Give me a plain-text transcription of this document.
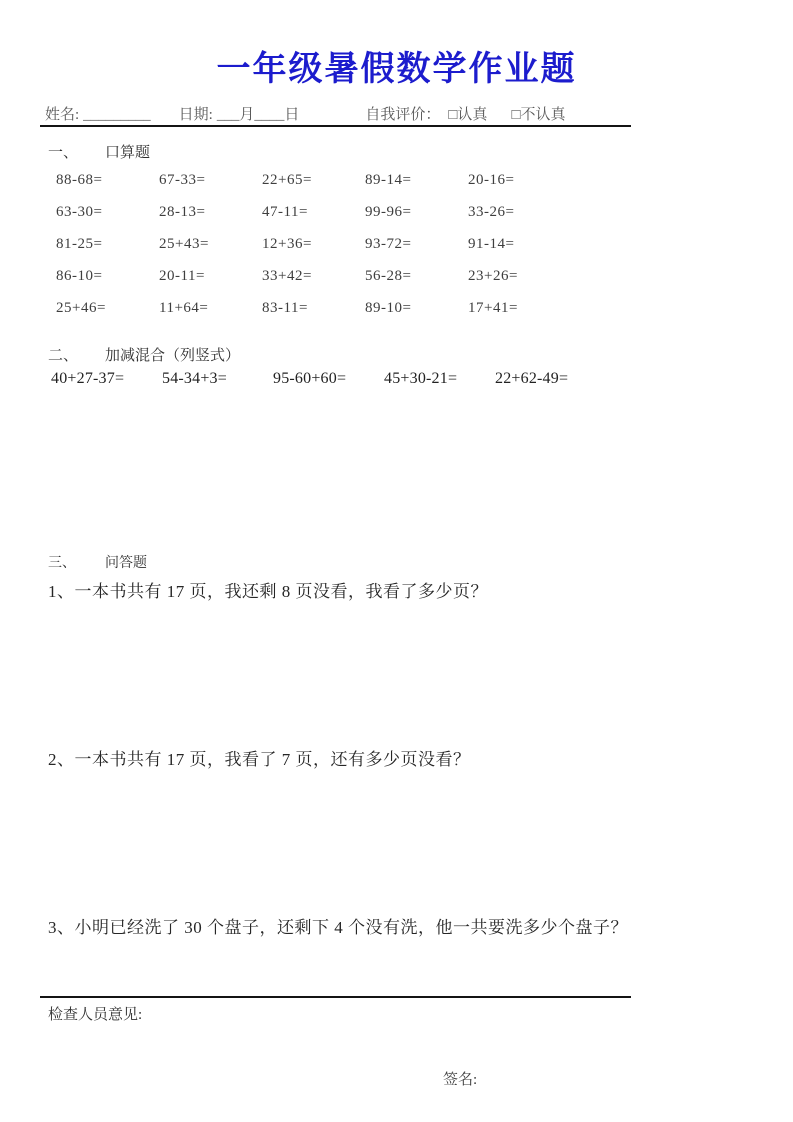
一年级暑假数学作业题
姓名: _________ 日期: ___月____日	自我评价： □认真 □不认真
一、 口算题
88-68=	67-33=	22+65=	89-14=	20-16=
63-30=	28-13=	47-11=	99-96=	33-26=
81-25=	25+43=	12+36=	93-72=	91-14=
86-10=	20-11=	33+42=	56-28=	23+26=
25+46=	11+64=	83-11=	89-10=	17+41=
二、 加减混合（列竖式）
40+27-37=	54-34+3=	95-60+60=	45+30-21=	22+62-49=
三、 问答题
1、一本书共有 17 页，我还剩 8 页没看，我看了多少页？
2、一本书共有 17 页，我看了 7 页，还有多少页没看？
3、小明已经洗了 30 个盘子，还剩下 4 个没有洗，他一共要洗多少个盘子？
检查人员意见:
签名:
